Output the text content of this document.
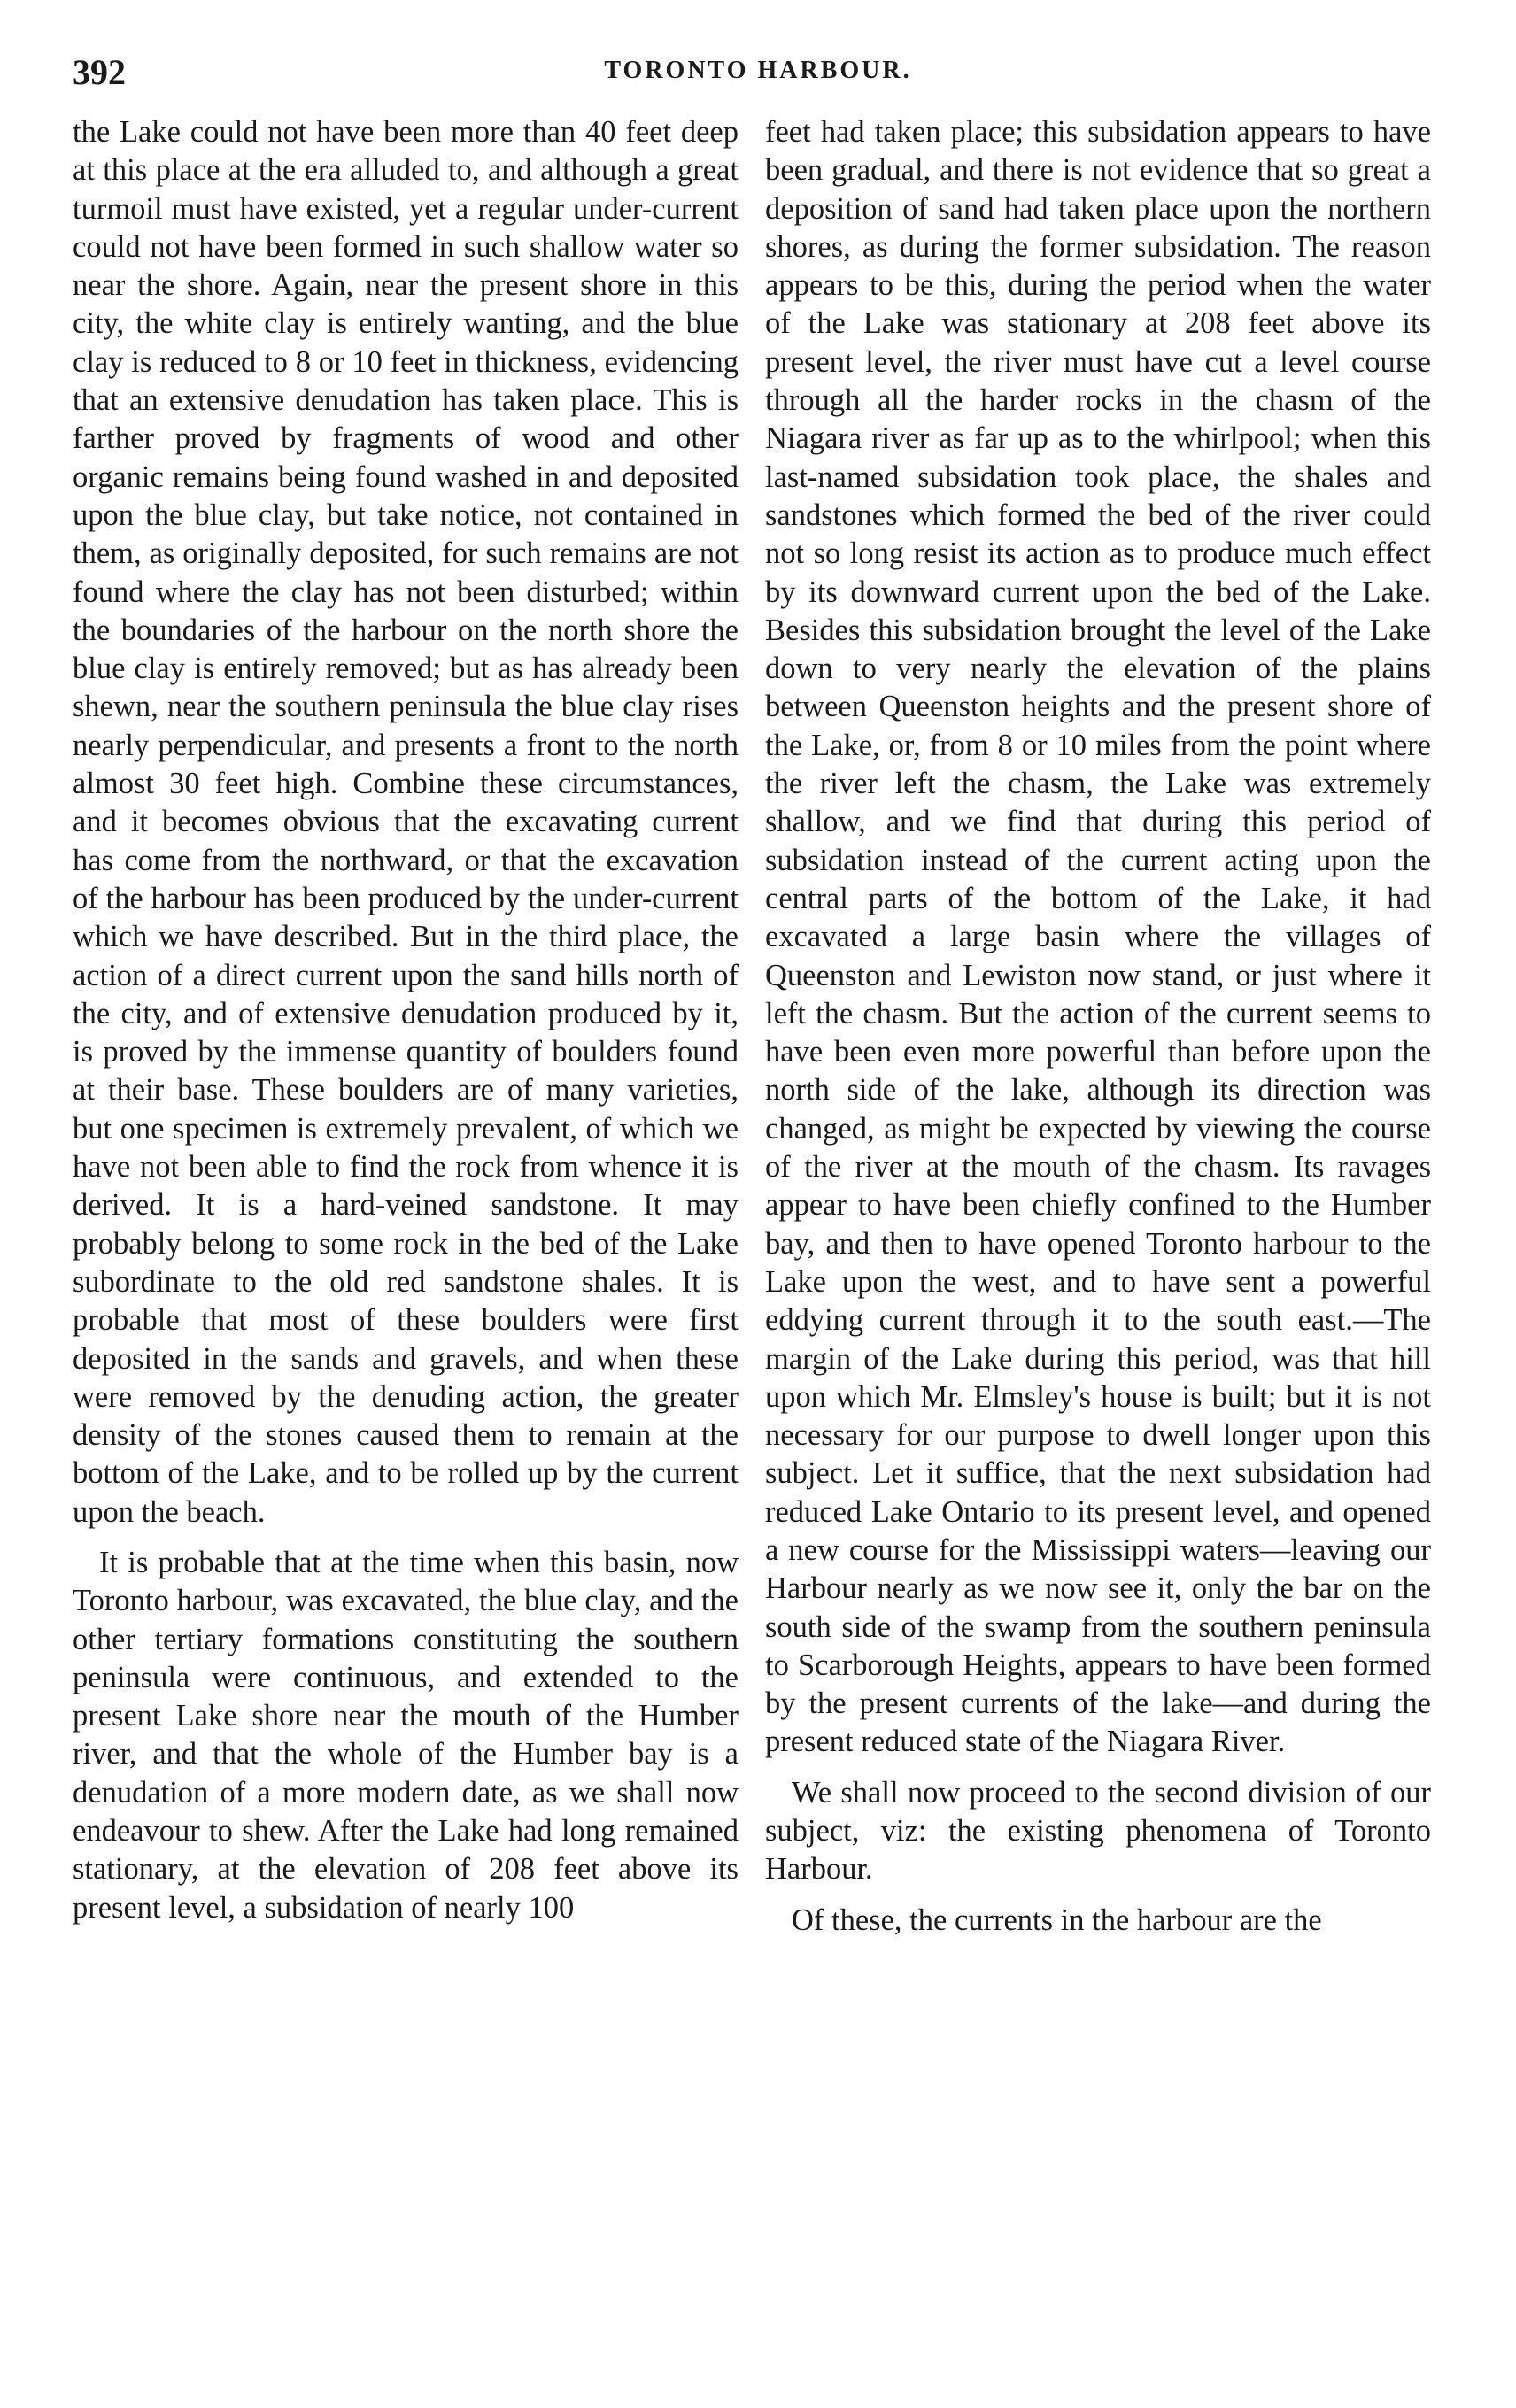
392	TORONTO HARBOUR.

the Lake could not have been more than 40 feet deep at this place at the era alluded to, and although a great turmoil must have existed, yet a regular under-current could not have been formed in such shallow water so near the shore. Again, near the present shore in this city, the white clay is entirely wanting, and the blue clay is reduced to 8 or 10 feet in thickness, evidencing that an extensive denudation has taken place. This is farther proved by fragments of wood and other organic remains being found washed in and deposited upon the blue clay, but take notice, not contained in them, as originally deposited, for such remains are not found where the clay has not been disturbed; within the boundaries of the harbour on the north shore the blue clay is entirely removed; but as has already been shewn, near the southern peninsula the blue clay rises nearly perpendicular, and presents a front to the north almost 30 feet high. Combine these circumstances, and it becomes obvious that the excavating current has come from the northward, or that the excavation of the harbour has been produced by the under-current which we have described. But in the third place, the action of a direct current upon the sand hills north of the city, and of extensive denudation produced by it, is proved by the immense quantity of boulders found at their base. These boulders are of many varieties, but one specimen is extremely prevalent, of which we have not been able to find the rock from whence it is derived. It is a hard-veined sandstone. It may probably belong to some rock in the bed of the Lake subordinate to the old red sandstone shales. It is probable that most of these boulders were first deposited in the sands and gravels, and when these were removed by the denuding action, the greater density of the stones caused them to remain at the bottom of the Lake, and to be rolled up by the current upon the beach.

It is probable that at the time when this basin, now Toronto harbour, was excavated, the blue clay, and the other tertiary formations constituting the southern peninsula were continuous, and extended to the present Lake shore near the mouth of the Humber river, and that the whole of the Humber bay is a denudation of a more modern date, as we shall now endeavour to shew. After the Lake had long remained stationary, at the elevation of 208 feet above its present level, a subsidation of nearly 100

feet had taken place; this subsidation appears to have been gradual, and there is not evidence that so great a deposition of sand had taken place upon the northern shores, as during the former subsidation. The reason appears to be this, during the period when the water of the Lake was stationary at 208 feet above its present level, the river must have cut a level course through all the harder rocks in the chasm of the Niagara river as far up as to the whirlpool; when this last-named subsidation took place, the shales and sandstones which formed the bed of the river could not so long resist its action as to produce much effect by its downward current upon the bed of the Lake. Besides this subsidation brought the level of the Lake down to very nearly the elevation of the plains between Queenston heights and the present shore of the Lake, or, from 8 or 10 miles from the point where the river left the chasm, the Lake was extremely shallow, and we find that during this period of subsidation instead of the current acting upon the central parts of the bottom of the Lake, it had excavated a large basin where the villages of Queenston and Lewiston now stand, or just where it left the chasm. But the action of the current seems to have been even more powerful than before upon the north side of the lake, although its direction was changed, as might be expected by viewing the course of the river at the mouth of the chasm. Its ravages appear to have been chiefly confined to the Humber bay, and then to have opened Toronto harbour to the Lake upon the west, and to have sent a powerful eddying current through it to the south east.—The margin of the Lake during this period, was that hill upon which Mr. Elmsley's house is built; but it is not necessary for our purpose to dwell longer upon this subject. Let it suffice, that the next subsidation had reduced Lake Ontario to its present level, and opened a new course for the Mississippi waters—leaving our Harbour nearly as we now see it, only the bar on the south side of the swamp from the southern peninsula to Scarborough Heights, appears to have been formed by the present currents of the lake—and during the present reduced state of the Niagara River.

We shall now proceed to the second division of our subject, viz: the existing phenomena of Toronto Harbour.

Of these, the currents in the harbour are the
